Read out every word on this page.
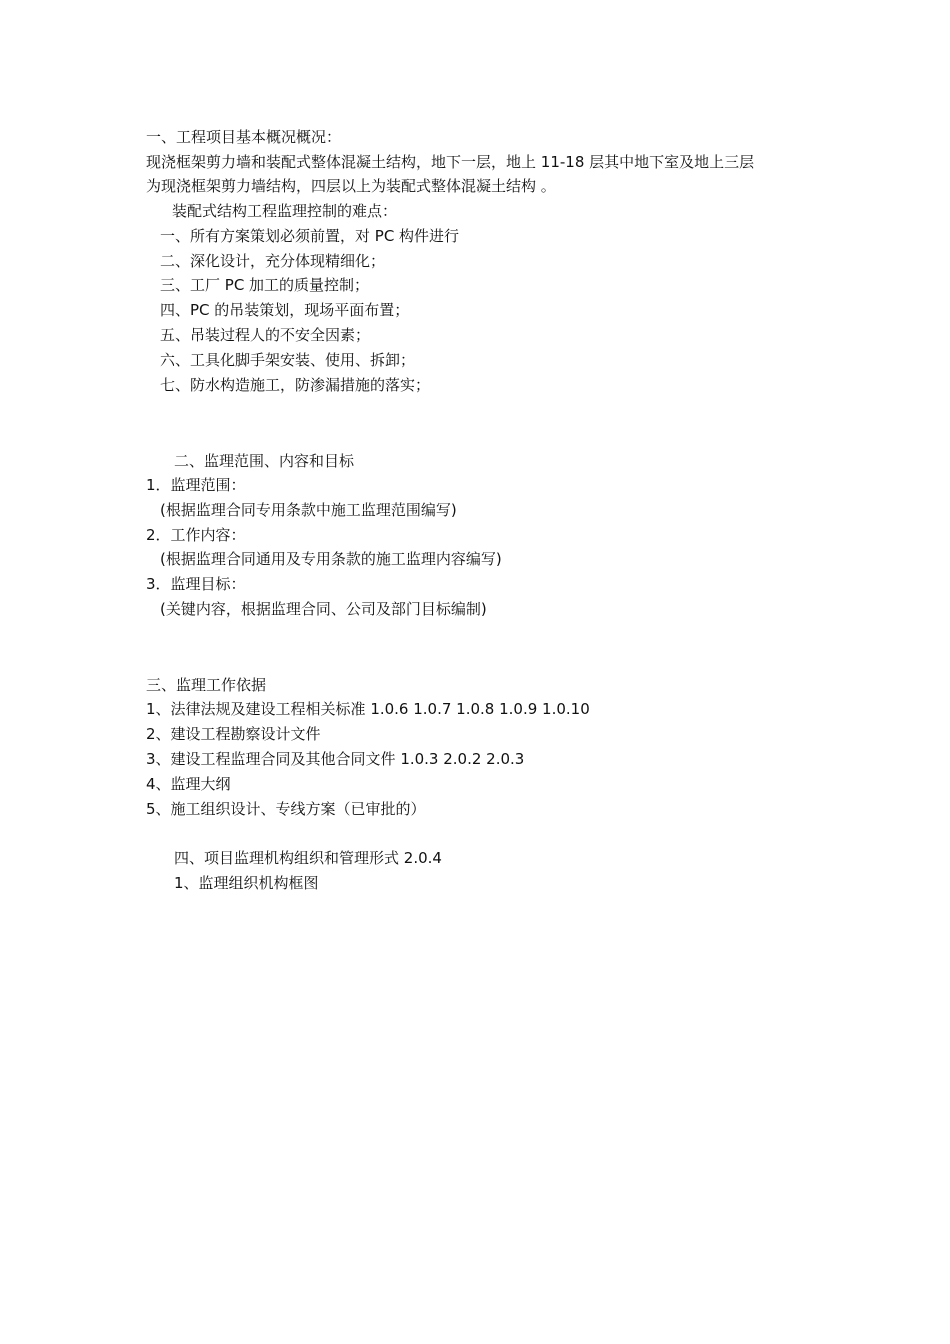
一、工程项目基本概况概况：
现浇框架剪力墙和装配式整体混凝土结构，地下一层，地上 11-18 层其中地下室及地上三层
为现浇框架剪力墙结构，四层以上为装配式整体混凝土结构 。
装配式结构工程监理控制的难点：
一、所有方案策划必须前置，对 PC 构件进行
二、深化设计，充分体现精细化；
三、工厂 PC 加工的质量控制；
四、PC 的吊装策划，现场平面布置；
五、吊装过程人的不安全因素；
六、工具化脚手架安装、使用、拆卸；
七、防水构造施工，防渗漏措施的落实；
二、监理范围、内容和目标
1．监理范围：
(根据监理合同专用条款中施工监理范围编写)
2．工作内容：
(根据监理合同通用及专用条款的施工监理内容编写)
3．监理目标：
(关键内容，根据监理合同、公司及部门目标编制)
三、监理工作依据
1、法律法规及建设工程相关标准 1.0.6 1.0.7 1.0.8 1.0.9 1.0.10
2、建设工程勘察设计文件
3、建设工程监理合同及其他合同文件 1.0.3 2.0.2 2.0.3
4、监理大纲
5、施工组织设计、专线方案（已审批的）
四、项目监理机构组织和管理形式 2.0.4
1、监理组织机构框图
